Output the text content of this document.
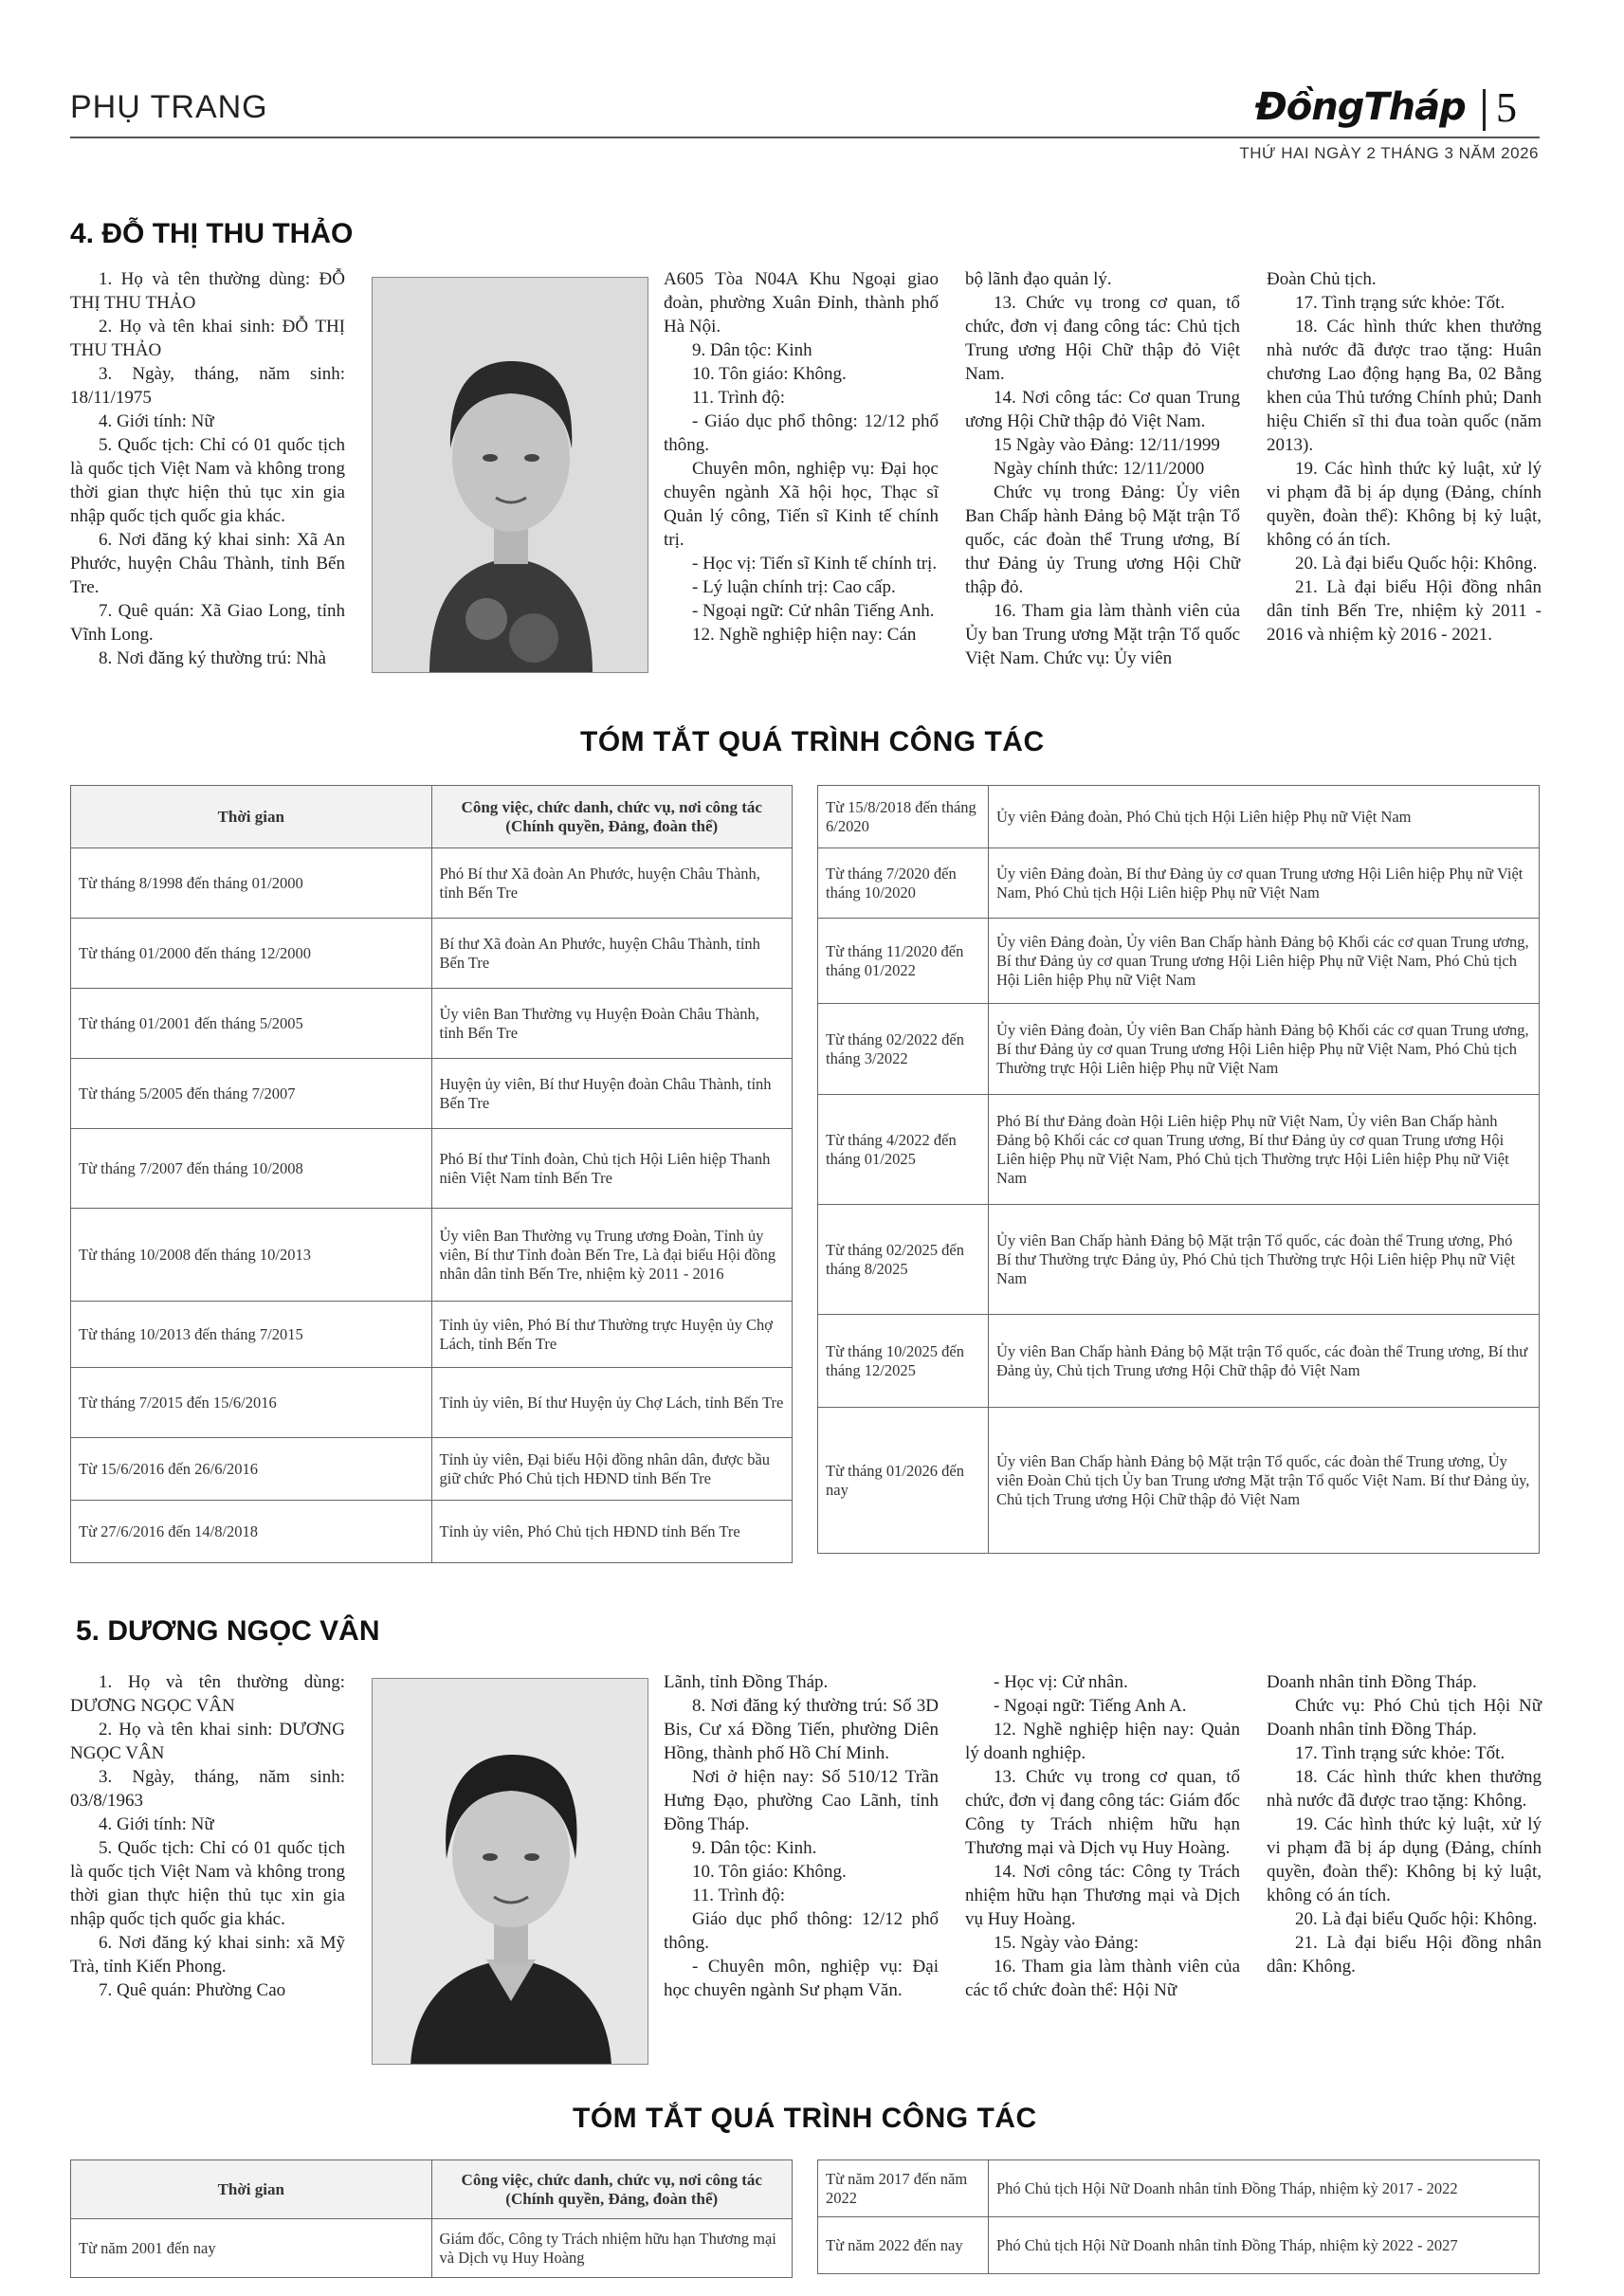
PHỤ TRANG	ĐồngTháp 5
THỨ HAI NGÀY 2 THÁNG 3 NĂM 2026
4. ĐỖ THỊ THU THẢO

1. Họ và tên thường dùng: ĐỖ THỊ THU THẢO

2. Họ và tên khai sinh: ĐỖ THỊ THU THẢO

3. Ngày, tháng, năm sinh: 18/11/1975

4. Giới tính: Nữ

5. Quốc tịch: Chỉ có 01 quốc tịch là quốc tịch Việt Nam và không trong thời gian thực hiện thủ tục xin gia nhập quốc tịch quốc gia khác.

6. Nơi đăng ký khai sinh: Xã An Phước, huyện Châu Thành, tỉnh Bến Tre.

7. Quê quán: Xã Giao Long, tỉnh Vĩnh Long.

8. Nơi đăng ký thường trú: Nhà

A605 Tòa N04A Khu Ngoại giao đoàn, phường Xuân Đỉnh, thành phố Hà Nội.

9. Dân tộc: Kinh

10. Tôn giáo: Không.

11. Trình độ:

- Giáo dục phổ thông: 12/12 phổ thông.

Chuyên môn, nghiệp vụ: Đại học chuyên ngành Xã hội học, Thạc sĩ Quản lý công, Tiến sĩ Kinh tế chính trị.

- Học vị: Tiến sĩ Kinh tế chính trị.

- Lý luận chính trị: Cao cấp.

- Ngoại ngữ: Cử nhân Tiếng Anh.

12. Nghề nghiệp hiện nay: Cán

bộ lãnh đạo quản lý.

13. Chức vụ trong cơ quan, tổ chức, đơn vị đang công tác: Chủ tịch Trung ương Hội Chữ thập đỏ Việt Nam.

14. Nơi công tác: Cơ quan Trung ương Hội Chữ thập đỏ Việt Nam.

15 Ngày vào Đảng: 12/11/1999

Ngày chính thức: 12/11/2000

Chức vụ trong Đảng: Ủy viên Ban Chấp hành Đảng bộ Mặt trận Tổ quốc, các đoàn thể Trung ương, Bí thư Đảng ủy Trung ương Hội Chữ thập đỏ.

16. Tham gia làm thành viên của Ủy ban Trung ương Mặt trận Tổ quốc Việt Nam. Chức vụ: Ủy viên

Đoàn Chủ tịch.

17. Tình trạng sức khỏe: Tốt.

18. Các hình thức khen thưởng nhà nước đã được trao tặng: Huân chương Lao động hạng Ba, 02 Bằng khen của Thủ tướng Chính phủ; Danh hiệu Chiến sĩ thi đua toàn quốc (năm 2013).

19. Các hình thức kỷ luật, xử lý vi phạm đã bị áp dụng (Đảng, chính quyền, đoàn thể): Không bị kỷ luật, không có án tích.

20. Là đại biểu Quốc hội: Không.

21. Là đại biểu Hội đồng nhân dân tỉnh Bến Tre, nhiệm kỳ 2011 - 2016 và nhiệm kỳ 2016 - 2021.

TÓM TẮT QUÁ TRÌNH CÔNG TÁC
Thời gian	Công việc, chức danh, chức vụ, nơi công tác
(Chính quyền, Đảng, đoàn thể)
Từ tháng 8/1998 đến tháng 01/2000	Phó Bí thư Xã đoàn An Phước, huyện Châu Thành, tỉnh Bến Tre
Từ tháng 01/2000 đến tháng 12/2000	Bí thư Xã đoàn An Phước, huyện Châu Thành, tỉnh Bến Tre
Từ tháng 01/2001 đến tháng 5/2005	Ủy viên Ban Thường vụ Huyện Đoàn Châu Thành, tỉnh Bến Tre
Từ tháng 5/2005 đến tháng 7/2007	Huyện ủy viên, Bí thư Huyện đoàn Châu Thành, tỉnh Bến Tre
Từ tháng 7/2007 đến tháng 10/2008	Phó Bí thư Tỉnh đoàn, Chủ tịch Hội Liên hiệp Thanh niên Việt Nam tỉnh Bến Tre
Từ tháng 10/2008 đến tháng 10/2013	Ủy viên Ban Thường vụ Trung ương Đoàn, Tỉnh ủy viên, Bí thư Tỉnh đoàn Bến Tre, Là đại biểu Hội đồng nhân dân tỉnh Bến Tre, nhiệm kỳ 2011 - 2016
Từ tháng 10/2013 đến tháng 7/2015	Tỉnh ủy viên, Phó Bí thư Thường trực Huyện ủy Chợ Lách, tỉnh Bến Tre
Từ tháng 7/2015 đến 15/6/2016	Tỉnh ủy viên, Bí thư Huyện ủy Chợ Lách, tỉnh Bến Tre
Từ 15/6/2016 đến 26/6/2016	Tỉnh ủy viên, Đại biểu Hội đồng nhân dân, được bầu giữ chức Phó Chủ tịch HĐND tỉnh Bến Tre
Từ 27/6/2016 đến 14/8/2018	Tỉnh ủy viên, Phó Chủ tịch HĐND tỉnh Bến Tre
Từ 15/8/2018 đến tháng 6/2020	Ủy viên Đảng đoàn, Phó Chủ tịch Hội Liên hiệp Phụ nữ Việt Nam
Từ tháng 7/2020 đến tháng 10/2020	Ủy viên Đảng đoàn, Bí thư Đảng ủy cơ quan Trung ương Hội Liên hiệp Phụ nữ Việt Nam, Phó Chủ tịch Hội Liên hiệp Phụ nữ Việt Nam
Từ tháng 11/2020 đến tháng 01/2022	Ủy viên Đảng đoàn, Ủy viên Ban Chấp hành Đảng bộ Khối các cơ quan Trung ương, Bí thư Đảng ủy cơ quan Trung ương Hội Liên hiệp Phụ nữ Việt Nam, Phó Chủ tịch Hội Liên hiệp Phụ nữ Việt Nam
Từ tháng 02/2022 đến tháng 3/2022	Ủy viên Đảng đoàn, Ủy viên Ban Chấp hành Đảng bộ Khối các cơ quan Trung ương, Bí thư Đảng ủy cơ quan Trung ương Hội Liên hiệp Phụ nữ Việt Nam, Phó Chủ tịch Thường trực Hội Liên hiệp Phụ nữ Việt Nam
Từ tháng 4/2022 đến tháng 01/2025	Phó Bí thư Đảng đoàn Hội Liên hiệp Phụ nữ Việt Nam, Ủy viên Ban Chấp hành Đảng bộ Khối các cơ quan Trung ương, Bí thư Đảng ủy cơ quan Trung ương Hội Liên hiệp Phụ nữ Việt Nam, Phó Chủ tịch Thường trực Hội Liên hiệp Phụ nữ Việt Nam
Từ tháng 02/2025 đến tháng 8/2025	Ủy viên Ban Chấp hành Đảng bộ Mặt trận Tổ quốc, các đoàn thể Trung ương, Phó Bí thư Thường trực Đảng ủy, Phó Chủ tịch Thường trực Hội Liên hiệp Phụ nữ Việt Nam
Từ tháng 10/2025 đến tháng 12/2025	Ủy viên Ban Chấp hành Đảng bộ Mặt trận Tổ quốc, các đoàn thể Trung ương, Bí thư Đảng ủy, Chủ tịch Trung ương Hội Chữ thập đỏ Việt Nam
Từ tháng 01/2026 đến nay	Ủy viên Ban Chấp hành Đảng bộ Mặt trận Tổ quốc, các đoàn thể Trung ương, Ủy viên Đoàn Chủ tịch Ủy ban Trung ương Mặt trận Tổ quốc Việt Nam. Bí thư Đảng ủy, Chủ tịch Trung ương Hội Chữ thập đỏ Việt Nam
5. DƯƠNG NGỌC VÂN

1. Họ và tên thường dùng: DƯƠNG NGỌC VÂN

2. Họ và tên khai sinh: DƯƠNG NGỌC VÂN

3. Ngày, tháng, năm sinh: 03/8/1963

4. Giới tính: Nữ

5. Quốc tịch: Chỉ có 01 quốc tịch là quốc tịch Việt Nam và không trong thời gian thực hiện thủ tục xin gia nhập quốc tịch quốc gia khác.

6. Nơi đăng ký khai sinh: xã Mỹ Trà, tỉnh Kiến Phong.

7. Quê quán: Phường Cao

Lãnh, tỉnh Đồng Tháp.

8. Nơi đăng ký thường trú: Số 3D Bis, Cư xá Đồng Tiến, phường Diên Hồng, thành phố Hồ Chí Minh.

Nơi ở hiện nay: Số 510/12 Trần Hưng Đạo, phường Cao Lãnh, tỉnh Đồng Tháp.

9. Dân tộc: Kinh.

10. Tôn giáo: Không.

11. Trình độ:

Giáo dục phổ thông: 12/12 phổ thông.

- Chuyên môn, nghiệp vụ: Đại học chuyên ngành Sư phạm Văn.

- Học vị: Cử nhân.

- Ngoại ngữ: Tiếng Anh A.

12. Nghề nghiệp hiện nay: Quản lý doanh nghiệp.

13. Chức vụ trong cơ quan, tổ chức, đơn vị đang công tác: Giám đốc Công ty Trách nhiệm hữu hạn Thương mại và Dịch vụ Huy Hoàng.

14. Nơi công tác: Công ty Trách nhiệm hữu hạn Thương mại và Dịch vụ Huy Hoàng.

15. Ngày vào Đảng:

16. Tham gia làm thành viên của các tổ chức đoàn thể: Hội Nữ

Doanh nhân tỉnh Đồng Tháp.

Chức vụ: Phó Chủ tịch Hội Nữ Doanh nhân tỉnh Đồng Tháp.

17. Tình trạng sức khỏe: Tốt.

18. Các hình thức khen thưởng nhà nước đã được trao tặng: Không.

19. Các hình thức kỷ luật, xử lý vi phạm đã bị áp dụng (Đảng, chính quyền, đoàn thể): Không bị kỷ luật, không có án tích.

20. Là đại biểu Quốc hội: Không.

21. Là đại biểu Hội đồng nhân dân: Không.

TÓM TẮT QUÁ TRÌNH CÔNG TÁC
Thời gian	Công việc, chức danh, chức vụ, nơi công tác
(Chính quyền, Đảng, đoàn thể)
Từ năm 2001 đến nay	Giám đốc, Công ty Trách nhiệm hữu hạn Thương mại và Dịch vụ Huy Hoàng
Từ năm 2017 đến năm 2022	Phó Chủ tịch Hội Nữ Doanh nhân tỉnh Đồng Tháp, nhiệm kỳ 2017 - 2022
Từ năm 2022 đến nay	Phó Chủ tịch Hội Nữ Doanh nhân tỉnh Đồng Tháp, nhiệm kỳ 2022 - 2027
